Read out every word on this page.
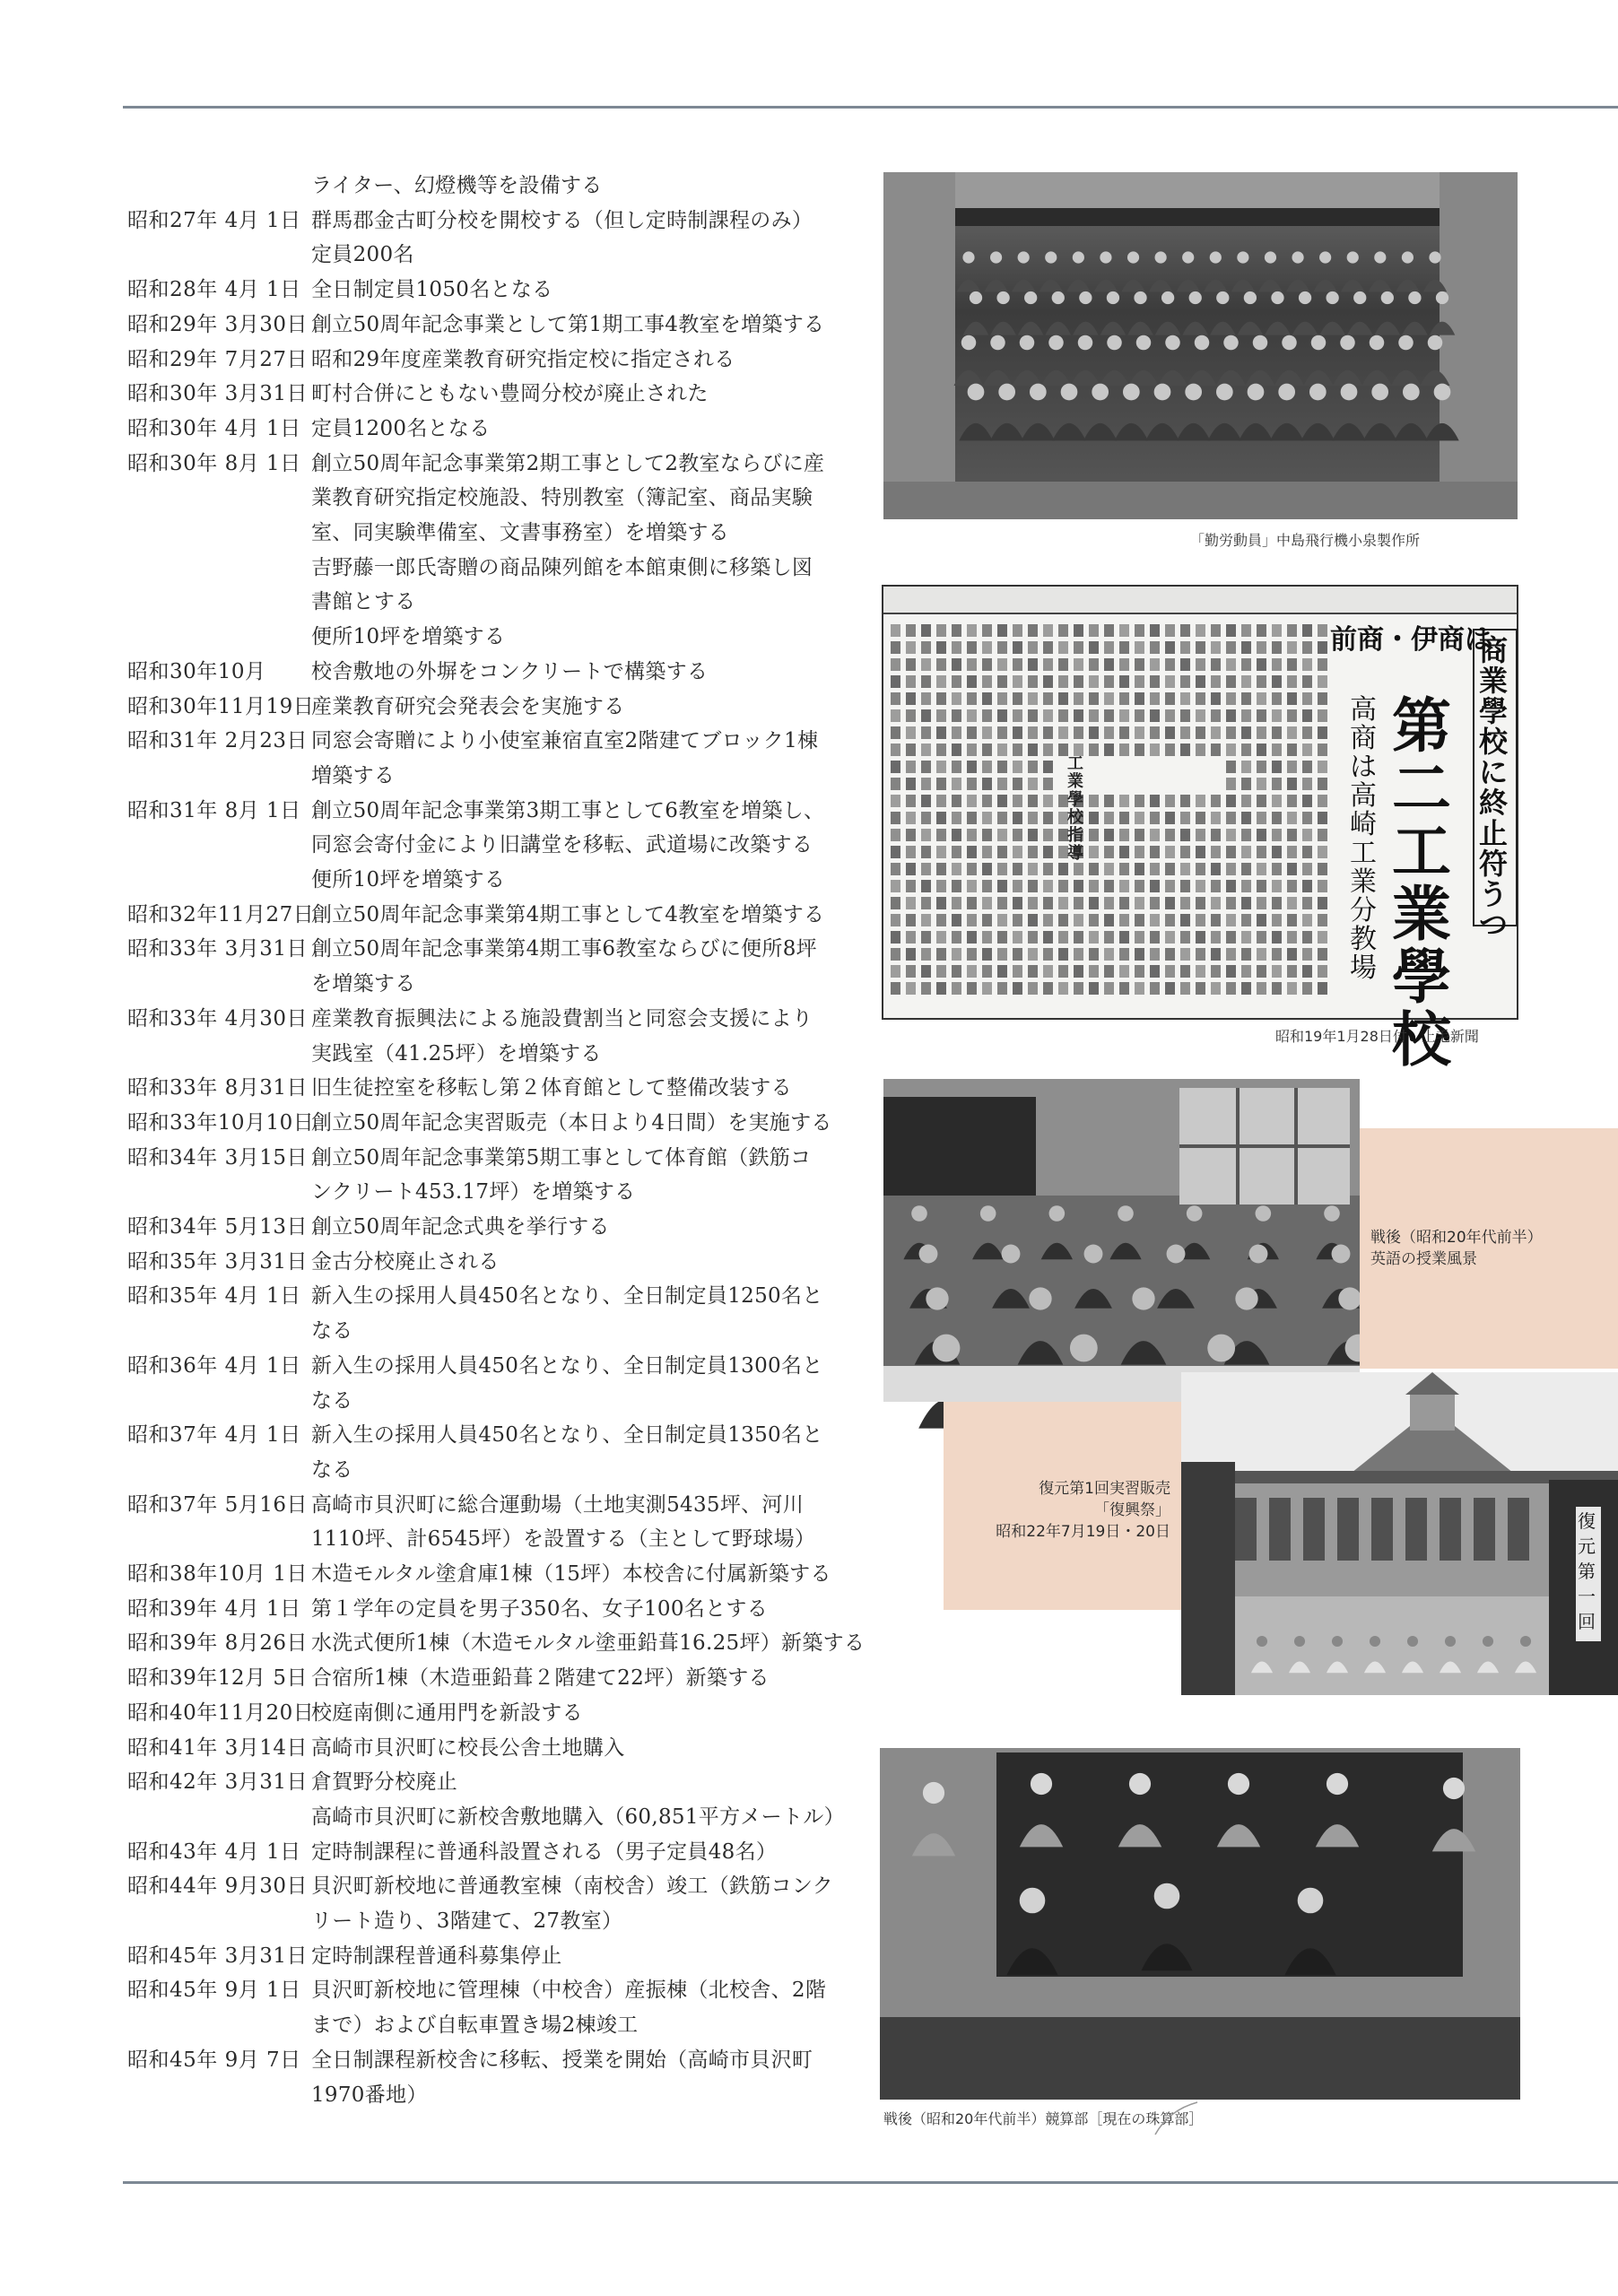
ライター、幻燈機等を設備する
昭和27年 4月 1日 群馬郡金古町分校を開校する（但し定時制課程のみ）
定員200名
昭和28年 4月 1日 全日制定員1050名となる
昭和29年 3月30日 創立50周年記念事業として第1期工事4教室を増築する
昭和29年 7月27日 昭和29年度産業教育研究指定校に指定される
昭和30年 3月31日 町村合併にともない豊岡分校が廃止された
昭和30年 4月 1日 定員1200名となる
昭和30年 8月 1日 創立50周年記念事業第2期工事として2教室ならびに産
業教育研究指定校施設、特別教室（簿記室、商品実験
室、同実験準備室、文書事務室）を増築する
吉野藤一郎氏寄贈の商品陳列館を本館東側に移築し図
書館とする
便所10坪を増築する
昭和30年10月	校舎敷地の外塀をコンクリートで構築する
昭和30年11月19日
産業教育研究会発表会を実施する
昭和31年 2月23日 同窓会寄贈により小使室兼宿直室2階建てブロック1棟
増築する
昭和31年 8月 1日 創立50周年記念事業第3期工事として6教室を増築し、
同窓会寄付金により旧講堂を移転、武道場に改築する
便所10坪を増築する
昭和32年11月27日
創立50周年記念事業第4期工事として4教室を増築する
昭和33年 3月31日 創立50周年記念事業第4期工事6教室ならびに便所8坪
を増築する
昭和33年 4月30日 産業教育振興法による施設費割当と同窓会支援により
実践室（41.25坪）を増築する
昭和33年 8月31日 旧生徒控室を移転し第２体育館として整備改装する
昭和33年10月10日
創立50周年記念実習販売（本日より4日間）を実施する
昭和34年 3月15日 創立50周年記念事業第5期工事として体育館（鉄筋コ
ンクリート453.17坪）を増築する
昭和34年 5月13日 創立50周年記念式典を挙行する
昭和35年 3月31日 金古分校廃止される
昭和35年 4月 1日 新入生の採用人員450名となり、全日制定員1250名と
なる
昭和36年 4月 1日 新入生の採用人員450名となり、全日制定員1300名と
なる
昭和37年 4月 1日 新入生の採用人員450名となり、全日制定員1350名と
なる
昭和37年 5月16日 高崎市貝沢町に総合運動場（土地実測5435坪、河川
1110坪、計6545坪）を設置する（主として野球場）
昭和38年10月 1日 木造モルタル塗倉庫1棟（15坪）本校舎に付属新築する
昭和39年 4月 1日 第１学年の定員を男子350名、女子100名とする
昭和39年 8月26日 水洗式便所1棟（木造モルタル塗亜鉛葺16.25坪）新築する
昭和39年12月 5日 合宿所1棟（木造亜鉛葺２階建て22坪）新築する
昭和40年11月20日
校庭南側に通用門を新設する
昭和41年 3月14日 高崎市貝沢町に校長公舎土地購入
昭和42年 3月31日 倉賀野分校廃止
高崎市貝沢町に新校舎敷地購入（60,851平方メートル）
昭和43年 4月 1日 定時制課程に普通科設置される（男子定員48名）
昭和44年 9月30日 貝沢町新校地に普通教室棟（南校舎）竣工（鉄筋コンク
リート造り、3階建て、27教室）
昭和45年 3月31日 定時制課程普通科募集停止
昭和45年 9月 1日 貝沢町新校地に管理棟（中校舎）産振棟（北校舎、2階
まで）および自転車置き場2棟竣工
昭和45年 9月 7日 全日制課程新校舎に移転、授業を開始（高崎市貝沢町
1970番地）
「勤労動員」中島飛行機小泉製作所
前商・伊商は
商業學校に終止符うつ
第二工業學校
高商は高崎工業分教場
工業學校指導
昭和19年1月28日付　上毛新聞
戦後（昭和20年代前半）
英語の授業風景
復元第1回実習販売
「復興祭」
昭和22年7月19日・20日	復元第一回
戦後（昭和20年代前半）競算部［現在の珠算部］
